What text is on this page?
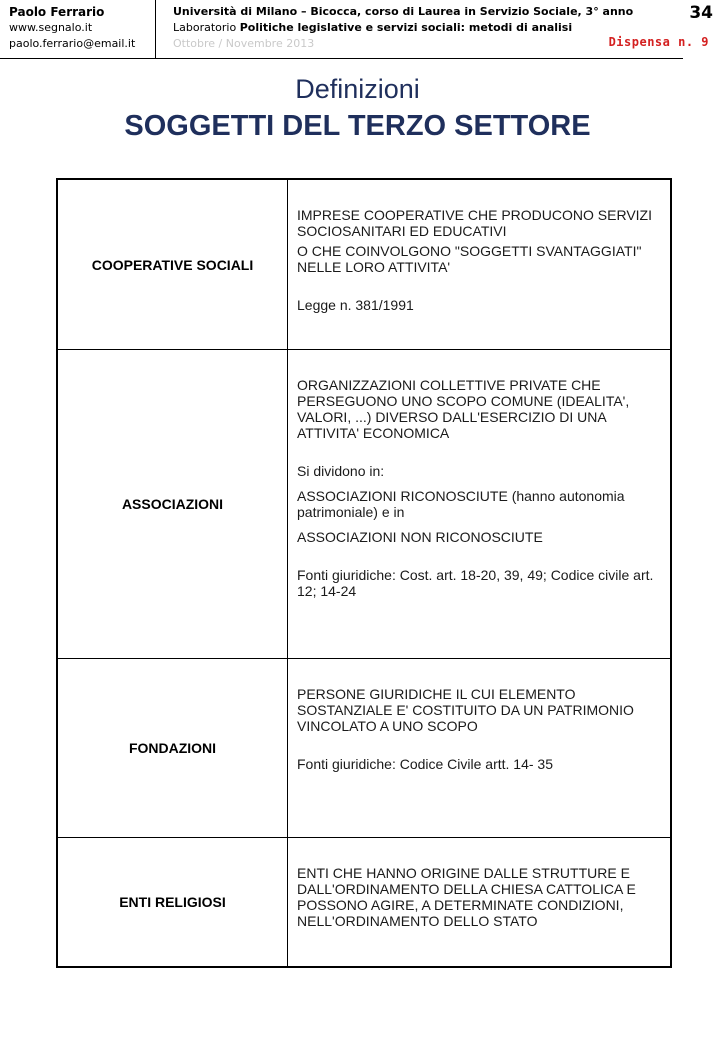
Paolo Ferrario
www.segnalo.it
paolo.ferrario@email.it
Università di Milano – Bicocca, corso di Laurea in Servizio Sociale, 3° anno
Laboratorio Politiche legislative e servizi sociali: metodi di analisi
Ottobre / Novembre 2013
34
Dispensa n. 9
Definizioni
SOGGETTI DEL TERZO SETTORE
COOPERATIVE SOCIALI

IMPRESE COOPERATIVE CHE PRODUCONO SERVIZI SOCIOSANITARI ED EDUCATIVI

O CHE COINVOLGONO "SOGGETTI SVANTAGGIATI" NELLE LORO ATTIVITA'

Legge n. 381/1991

ASSOCIAZIONI

ORGANIZZAZIONI COLLETTIVE PRIVATE CHE PERSEGUONO UNO SCOPO COMUNE (IDEALITA', VALORI, ...) DIVERSO DALL'ESERCIZIO DI UNA ATTIVITA' ECONOMICA

Si dividono in:

ASSOCIAZIONI RICONOSCIUTE (hanno autonomia patrimoniale) e in

ASSOCIAZIONI NON RICONOSCIUTE

Fonti giuridiche: Cost. art. 18-20, 39, 49; Codice civile art. 12; 14-24

FONDAZIONI

PERSONE GIURIDICHE IL CUI ELEMENTO SOSTANZIALE E' COSTITUITO DA UN PATRIMONIO VINCOLATO A UNO SCOPO

Fonti giuridiche: Codice Civile artt. 14- 35

ENTI RELIGIOSI

ENTI CHE HANNO ORIGINE DALLE STRUTTURE E DALL'ORDINAMENTO DELLA CHIESA CATTOLICA E POSSONO AGIRE, A DETERMINATE CONDIZIONI, NELL'ORDINAMENTO DELLO STATO
